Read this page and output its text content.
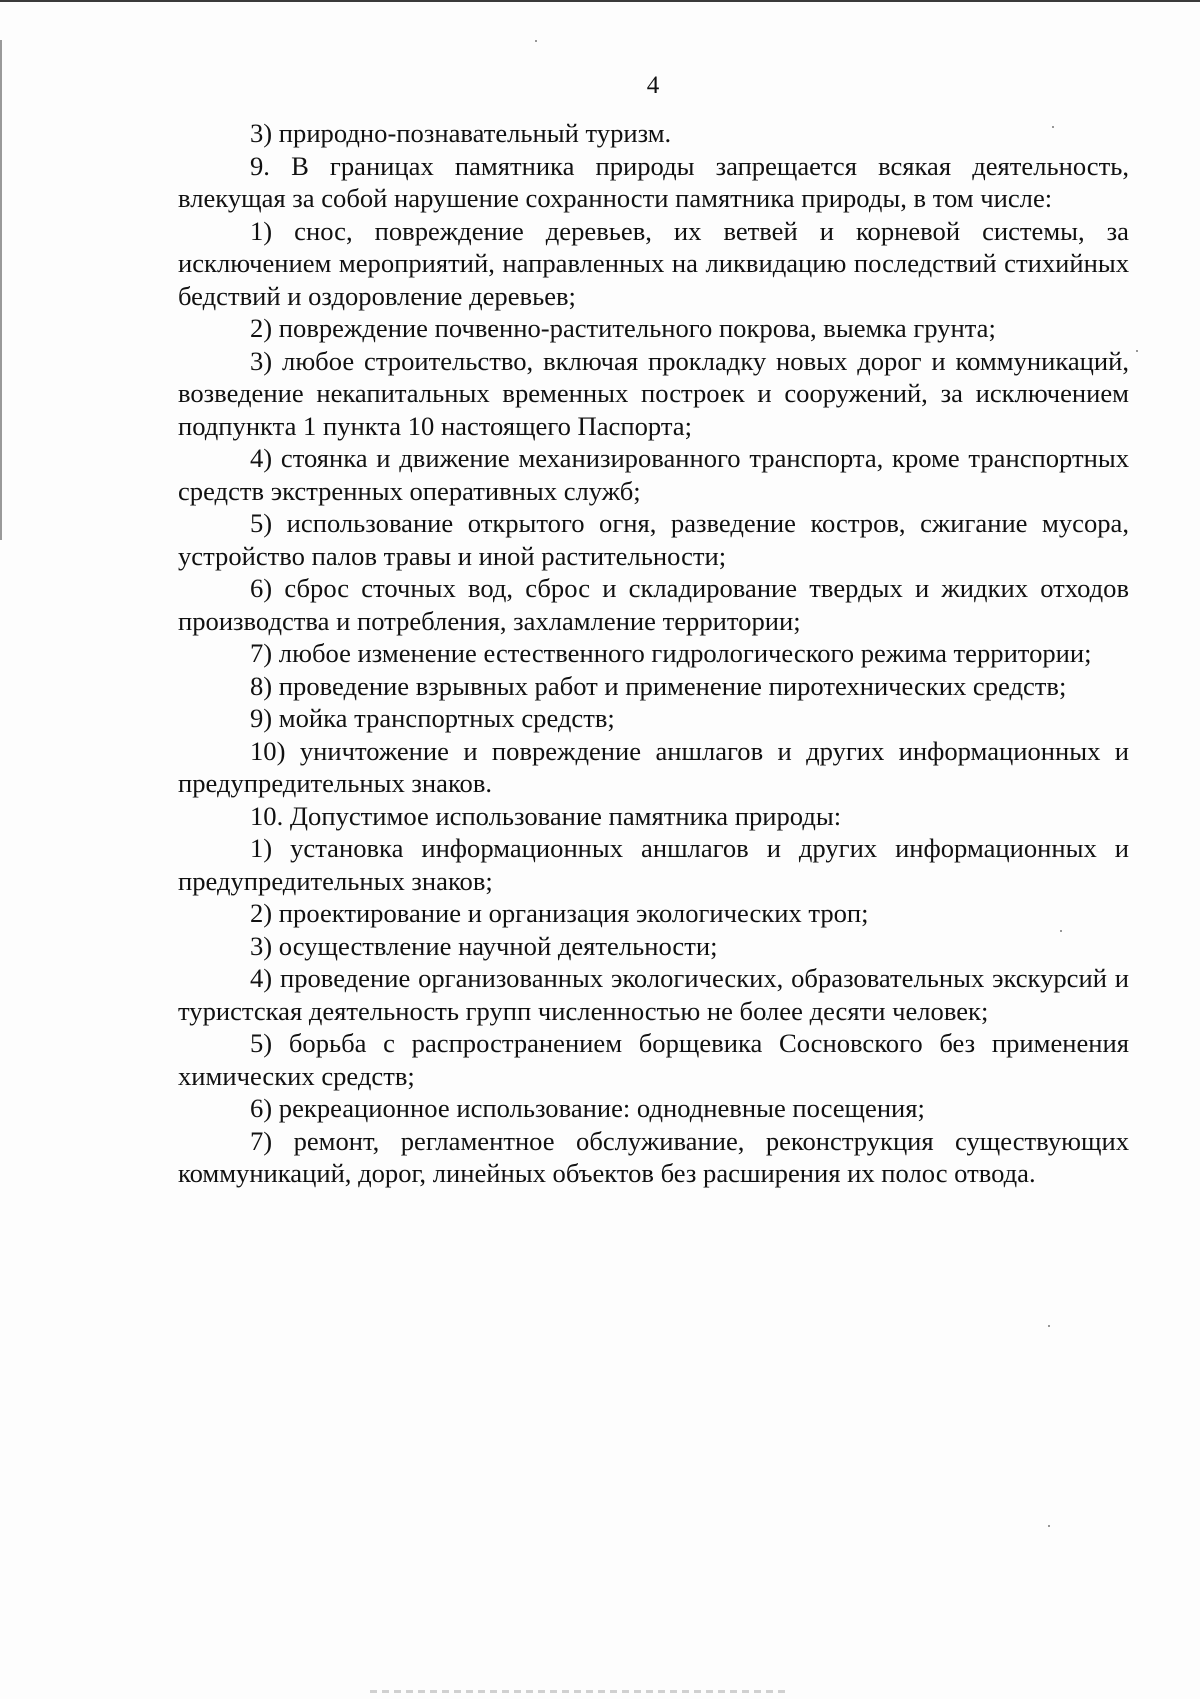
4

3) природно-познавательный туризм.

9. В границах памятника природы запрещается всякая деятельность, влекущая за собой нарушение сохранности памятника природы, в том числе:

1) снос, повреждение деревьев, их ветвей и корневой системы, за исключением мероприятий, направленных на ликвидацию последствий стихийных бедствий и оздоровление деревьев;

2) повреждение почвенно-растительного покрова, выемка грунта;

3) любое строительство, включая прокладку новых дорог и коммуникаций, возведение некапитальных временных построек и сооружений, за исключением подпункта 1 пункта 10 настоящего Паспорта;

4) стоянка и движение механизированного транспорта, кроме транспортных средств экстренных оперативных служб;

5) использование открытого огня, разведение костров, сжигание мусора, устройство палов травы и иной растительности;

6) сброс сточных вод, сброс и складирование твердых и жидких отходов производства и потребления, захламление территории;

7) любое изменение естественного гидрологического режима территории;

8) проведение взрывных работ и применение пиротехнических средств;

9) мойка транспортных средств;

10) уничтожение и повреждение аншлагов и других информационных и предупредительных знаков.

10. Допустимое использование памятника природы:

1) установка информационных аншлагов и других информационных и предупредительных знаков;

2) проектирование и организация экологических троп;

3) осуществление научной деятельности;

4) проведение организованных экологических, образовательных экскурсий и туристская деятельность групп численностью не более десяти человек;

5) борьба с распространением борщевика Сосновского без применения химических средств;

6) рекреационное использование: однодневные посещения;

7) ремонт, регламентное обслуживание, реконструкция существующих коммуникаций, дорог, линейных объектов без расширения их полос отвода.
